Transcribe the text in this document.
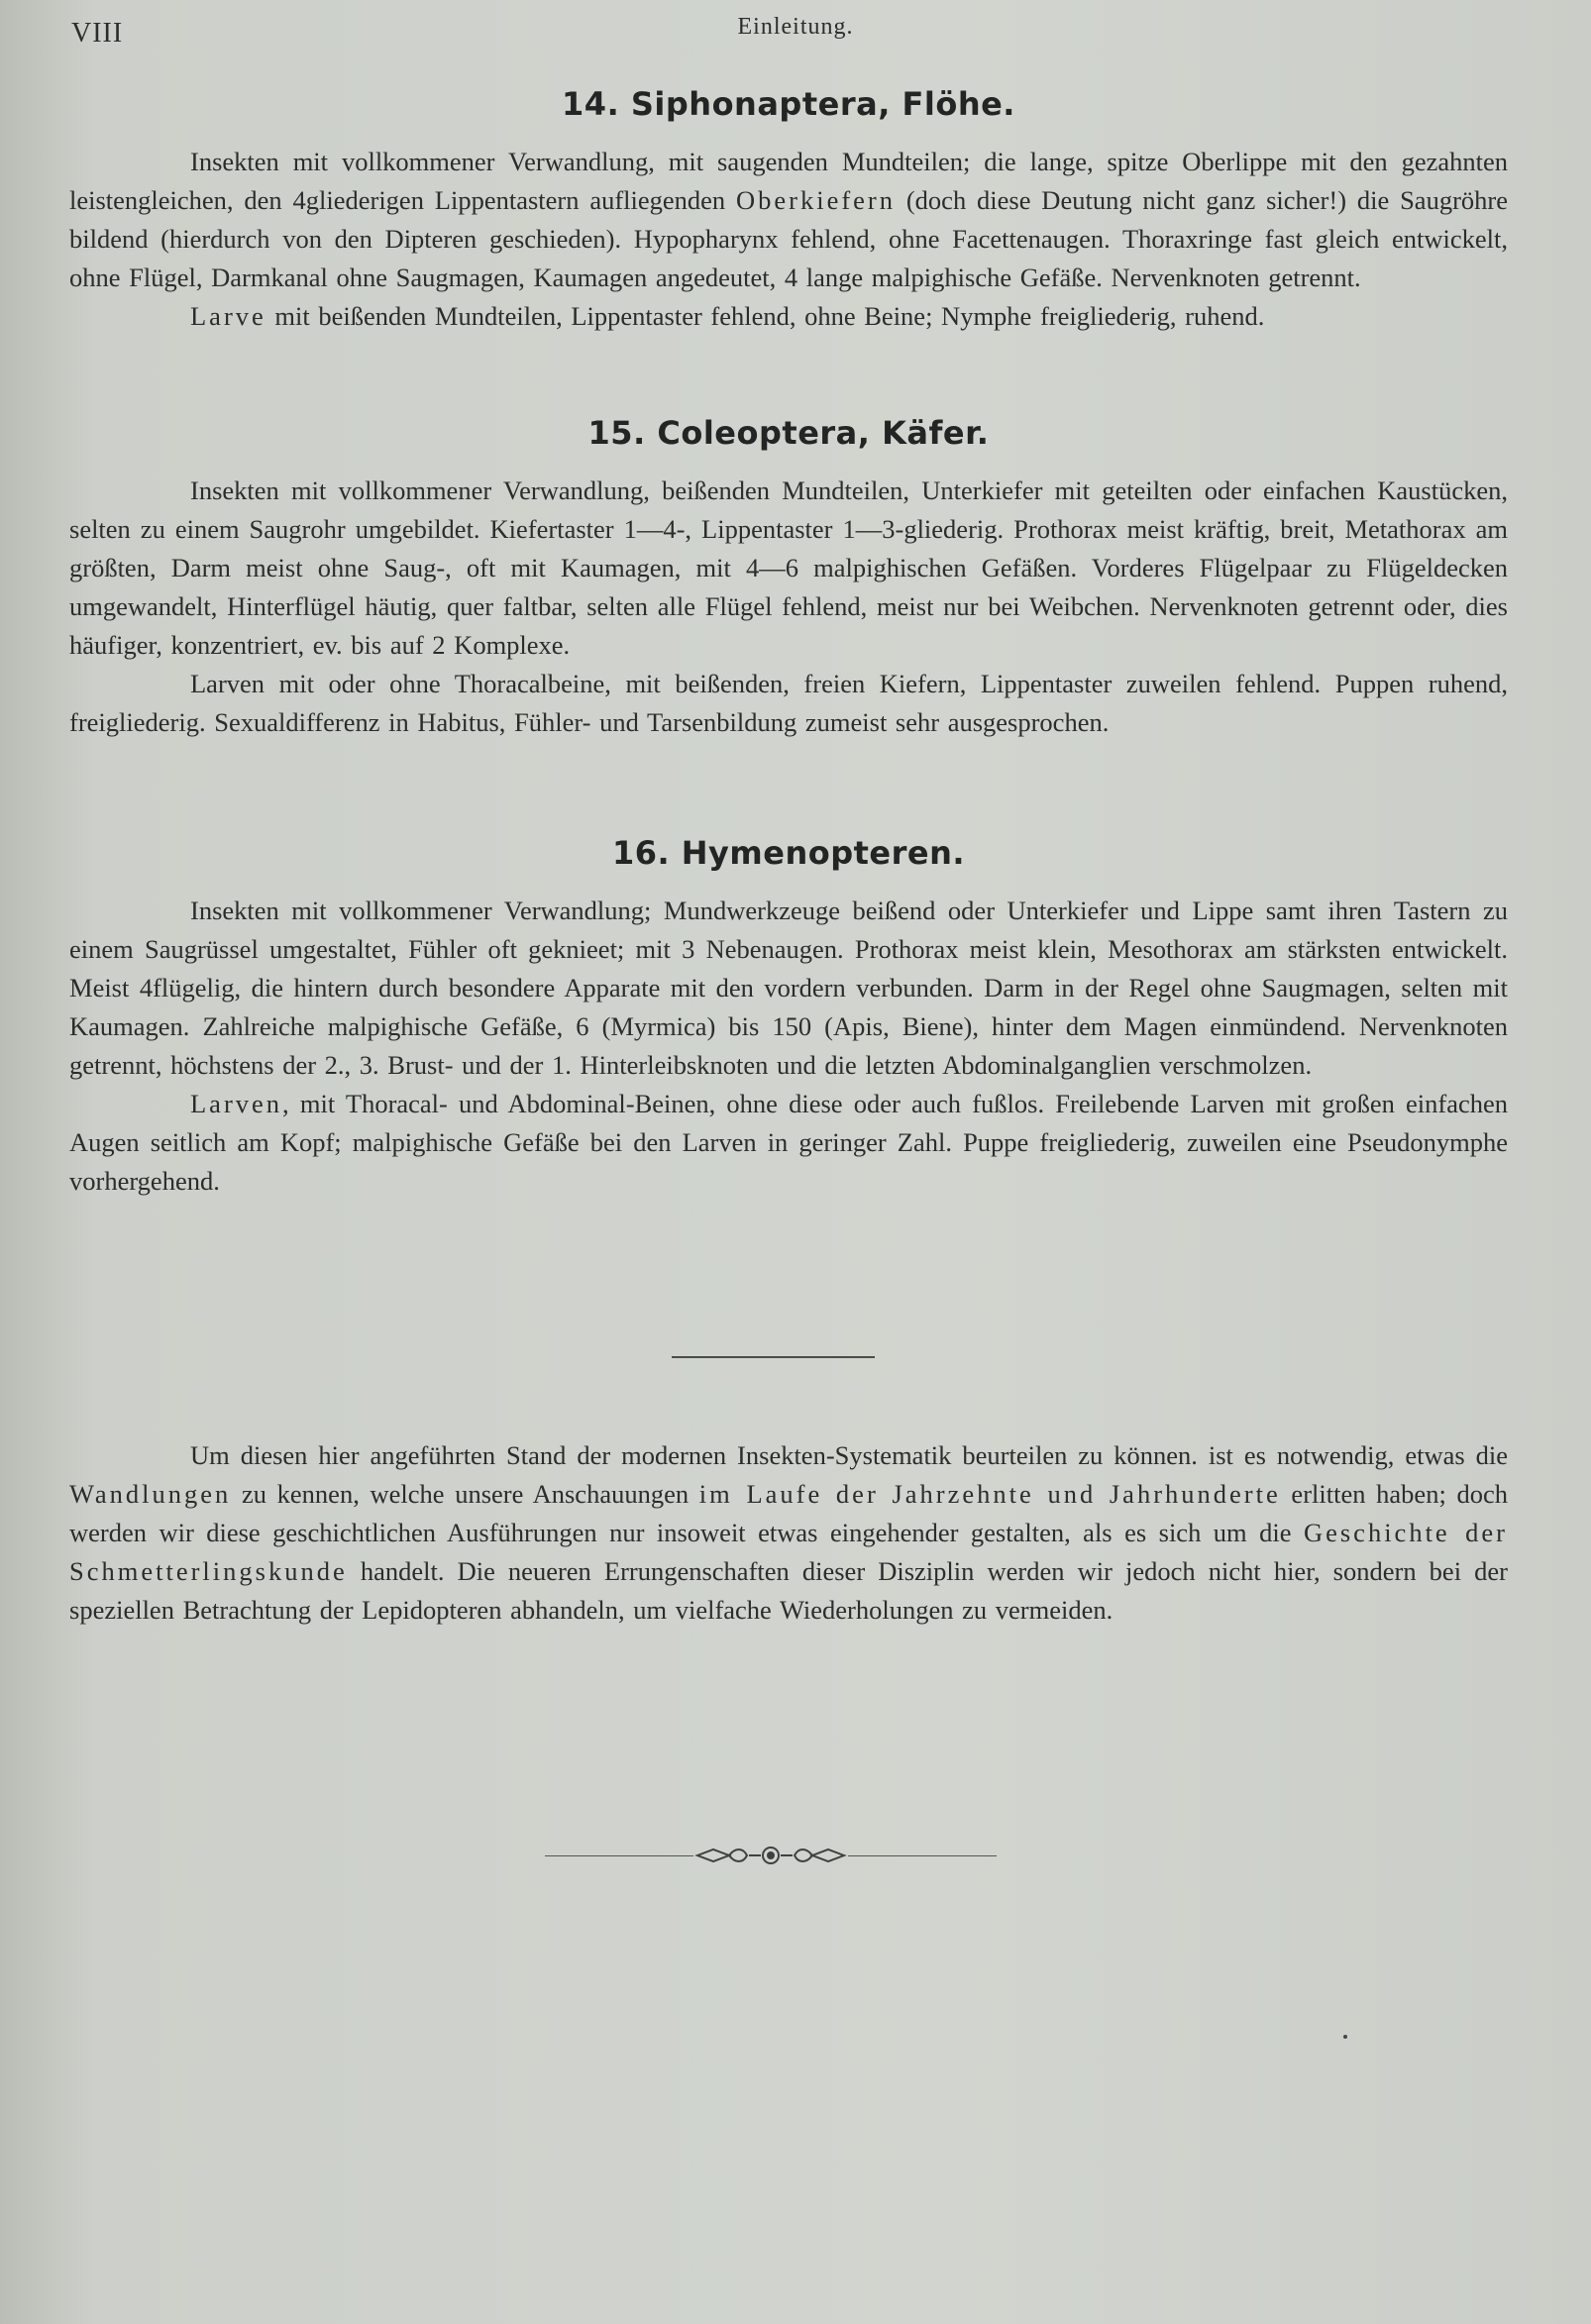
VIII	Einleitung.
14. Siphonaptera, Flöhe.

Insekten mit vollkommener Verwandlung, mit saugenden Mundteilen; die lange, spitze Oberlippe mit den gezahnten leistengleichen, den 4gliederigen Lippentastern aufliegenden Oberkiefern (doch diese Deutung nicht ganz sicher!) die Saugröhre bildend (hierdurch von den Dipteren geschieden). Hypopharynx fehlend, ohne Facettenaugen. Thoraxringe fast gleich entwickelt, ohne Flügel, Darmkanal ohne Saugmagen, Kaumagen angedeutet, 4 lange malpighische Gefäße. Nervenknoten getrennt.

Larve mit beißenden Mundteilen, Lippentaster fehlend, ohne Beine; Nymphe freigliederig, ruhend.

15. Coleoptera, Käfer.

Insekten mit vollkommener Verwandlung, beißenden Mundteilen, Unterkiefer mit geteilten oder einfachen Kaustücken, selten zu einem Saugrohr umgebildet. Kiefertaster 1—4-, Lippentaster 1—3-gliederig. Prothorax meist kräftig, breit, Metathorax am größten, Darm meist ohne Saug-, oft mit Kaumagen, mit 4—6 malpighischen Gefäßen. Vorderes Flügelpaar zu Flügeldecken umgewandelt, Hinterflügel häutig, quer faltbar, selten alle Flügel fehlend, meist nur bei Weibchen. Nervenknoten getrennt oder, dies häufiger, konzentriert, ev. bis auf 2 Komplexe.

Larven mit oder ohne Thoracalbeine, mit beißenden, freien Kiefern, Lippentaster zuweilen fehlend. Puppen ruhend, freigliederig. Sexualdifferenz in Habitus, Fühler- und Tarsenbildung zumeist sehr ausgesprochen.

16. Hymenopteren.

Insekten mit vollkommener Verwandlung; Mundwerkzeuge beißend oder Unterkiefer und Lippe samt ihren Tastern zu einem Saugrüssel umgestaltet, Fühler oft geknieet; mit 3 Nebenaugen. Prothorax meist klein, Mesothorax am stärksten entwickelt. Meist 4flügelig, die hintern durch besondere Apparate mit den vordern verbunden. Darm in der Regel ohne Saugmagen, selten mit Kaumagen. Zahlreiche malpighische Gefäße, 6 (Myrmica) bis 150 (Apis, Biene), hinter dem Magen einmündend. Nervenknoten getrennt, höchstens der 2., 3. Brust- und der 1. Hinterleibsknoten und die letzten Abdominalganglien verschmolzen.

Larven, mit Thoracal- und Abdominal-Beinen, ohne diese oder auch fußlos. Freilebende Larven mit großen einfachen Augen seitlich am Kopf; malpighische Gefäße bei den Larven in geringer Zahl. Puppe freigliederig, zuweilen eine Pseudonymphe vorhergehend.

Um diesen hier angeführten Stand der modernen Insekten-Systematik beurteilen zu können. ist es notwendig, etwas die Wandlungen zu kennen, welche unsere Anschauungen im Laufe der Jahrzehnte und Jahrhunderte erlitten haben; doch werden wir diese geschichtlichen Ausführungen nur insoweit etwas eingehender gestalten, als es sich um die Geschichte der Schmetterlingskunde handelt. Die neueren Errungenschaften dieser Disziplin werden wir jedoch nicht hier, sondern bei der speziellen Betrachtung der Lepidopteren abhandeln, um vielfache Wiederholungen zu vermeiden.
